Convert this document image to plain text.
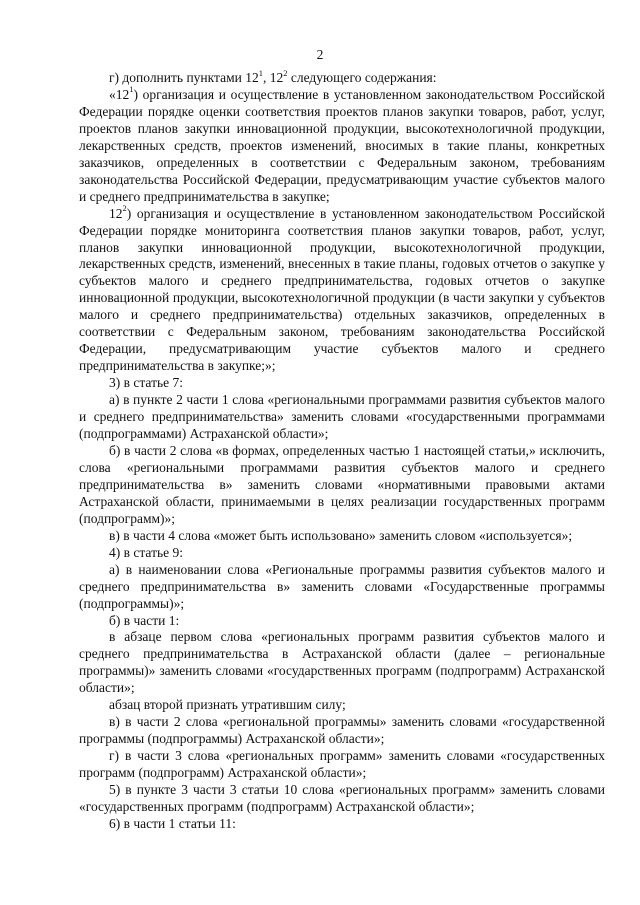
2

г) дополнить пунктами $12^1$, $12^2$ следующего содержания:

«$12^1$) организация и осуществление в установленном законодательством Российской Федерации порядке оценки соответствия проектов планов закупки товаров, работ, услуг, проектов планов закупки инновационной продукции, высокотехнологичной продукции, лекарственных средств, проектов изменений, вносимых в такие планы, конкретных заказчиков, определенных в соответствии с Федеральным законом, требованиям законодательства Российской Федерации, предусматривающим участие субъектов малого и среднего предпринимательства в закупке;

$12^2$) организация и осуществление в установленном законодательством Российской Федерации порядке мониторинга соответствия планов закупки товаров, работ, услуг, планов закупки инновационной продукции, высокотехнологичной продукции, лекарственных средств, изменений, внесенных в такие планы, годовых отчетов о закупке у субъектов малого и среднего предпринимательства, годовых отчетов о закупке инновационной продукции, высокотехнологичной продукции (в части закупки у субъектов малого и среднего предпринимательства) отдельных заказчиков, определенных в соответствии с Федеральным законом, требованиям законодательства Российской Федерации, предусматривающим участие субъектов малого и среднего предпринимательства в закупке;»;

3) в статье 7:

а) в пункте 2 части 1 слова «региональными программами развития субъектов малого и среднего предпринимательства» заменить словами «государственными программами (подпрограммами) Астраханской области»;

б) в части 2 слова «в формах, определенных частью 1 настоящей статьи,» исключить, слова «региональными программами развития субъектов малого и среднего предпринимательства в» заменить словами «нормативными правовыми актами Астраханской области, принимаемыми в целях реализации государственных программ (подпрограмм)»;

в) в части 4 слова «может быть использовано» заменить словом «используется»;

4) в статье 9:

а) в наименовании слова «Региональные программы развития субъектов малого и среднего предпринимательства в» заменить словами «Государственные программы (подпрограммы)»;

б) в части 1:

в абзаце первом слова «региональных программ развития субъектов малого и среднего предпринимательства в Астраханской области (далее – региональные программы)» заменить словами «государственных программ (подпрограмм) Астраханской области»;

абзац второй признать утратившим силу;

в) в части 2 слова «региональной программы» заменить словами «государственной программы (подпрограммы) Астраханской области»;

г) в части 3 слова «региональных программ» заменить словами «государственных программ (подпрограмм) Астраханской области»;

5) в пункте 3 части 3 статьи 10 слова «региональных программ» заменить словами «государственных программ (подпрограмм) Астраханской области»;

6) в части 1 статьи 11:
